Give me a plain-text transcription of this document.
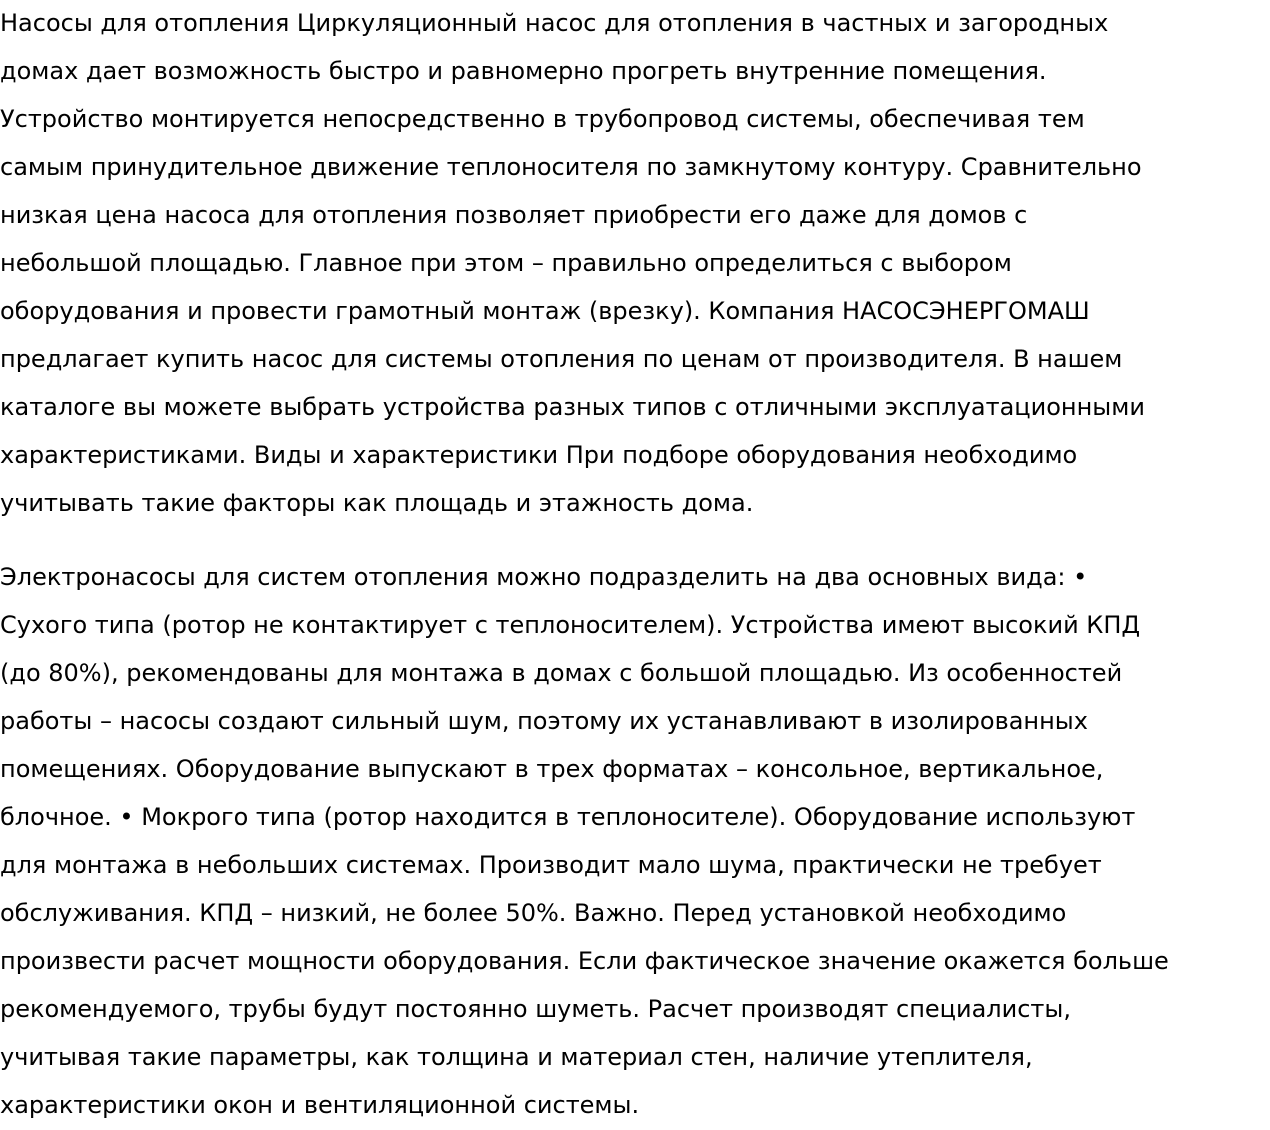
Насосы для отопления Циркуляционный насос для отопления в частных и загородных
домах дает возможность быстро и равномерно прогреть внутренние помещения.
Устройство монтируется непосредственно в трубопровод системы, обеспечивая тем
самым принудительное движение теплоносителя по замкнутому контуру. Сравнительно
низкая цена насоса для отопления позволяет приобрести его даже для домов с
небольшой площадью. Главное при этом – правильно определиться с выбором
оборудования и провести грамотный монтаж (врезку). Компания НАСОСЭНЕРГОМАШ
предлагает купить насос для системы отопления по ценам от производителя. В нашем
каталоге вы можете выбрать устройства разных типов с отличными эксплуатационными
характеристиками. Виды и характеристики При подборе оборудования необходимо
учитывать такие факторы как площадь и этажность дома.

Электронасосы для систем отопления можно подразделить на два основных вида: •
Сухого типа (ротор не контактирует с теплоносителем). Устройства имеют высокий КПД
(до 80%), рекомендованы для монтажа в домах с большой площадью. Из особенностей
работы – насосы создают сильный шум, поэтому их устанавливают в изолированных
помещениях. Оборудование выпускают в трех форматах – консольное, вертикальное,
блочное. • Мокрого типа (ротор находится в теплоносителе). Оборудование используют
для монтажа в небольших системах. Производит мало шума, практически не требует
обслуживания. КПД – низкий, не более 50%. Важно. Перед установкой необходимо
произвести расчет мощности оборудования. Если фактическое значение окажется больше
рекомендуемого, трубы будут постоянно шуметь. Расчет производят специалисты,
учитывая такие параметры, как толщина и материал стен, наличие утеплителя,
характеристики окон и вентиляционной системы.
